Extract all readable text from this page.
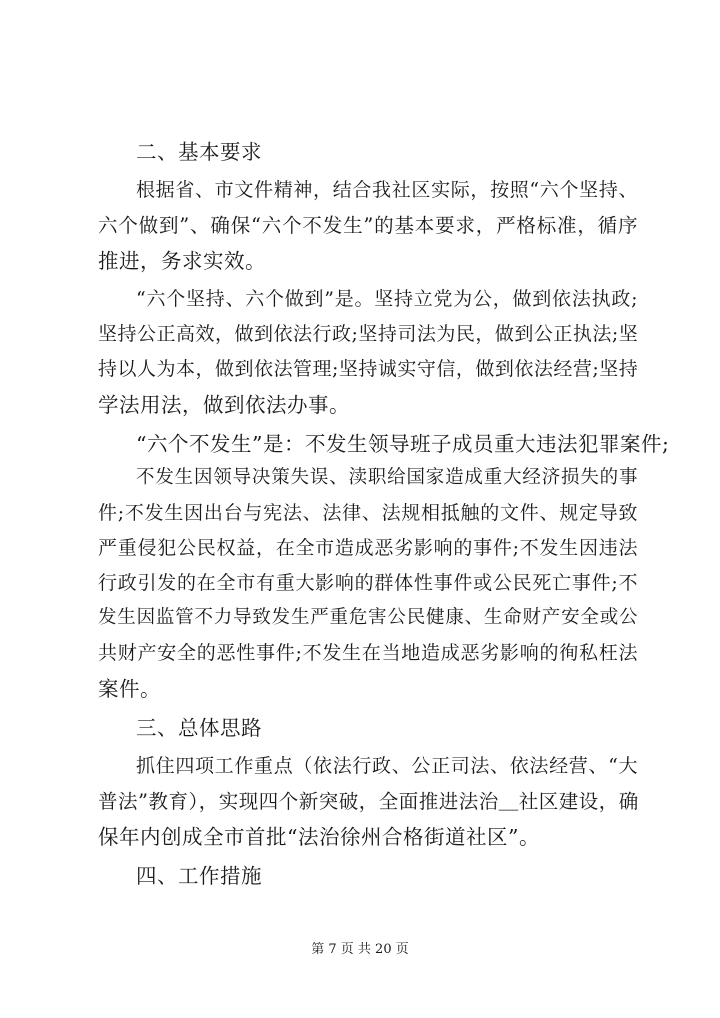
二、基本要求
根据省、市文件精神，结合我社区实际，按照“六个坚持、
六个做到”、确保“六个不发生”的基本要求，严格标准，循序
推进，务求实效。
“六个坚持、六个做到”是。坚持立党为公，做到依法执政;
坚持公正高效，做到依法行政;坚持司法为民，做到公正执法;坚
持以人为本，做到依法管理;坚持诚实守信，做到依法经营;坚持
学法用法，做到依法办事。
“六个不发生”是：不发生领导班子成员重大违法犯罪案件;
不发生因领导决策失误、渎职给国家造成重大经济损失的事
件;不发生因出台与宪法、法律、法规相抵触的文件、规定导致
严重侵犯公民权益，在全市造成恶劣影响的事件;不发生因违法
行政引发的在全市有重大影响的群体性事件或公民死亡事件;不
发生因监管不力导致发生严重危害公民健康、生命财产安全或公
共财产安全的恶性事件;不发生在当地造成恶劣影响的徇私枉法
案件。
三、总体思路
抓住四项工作重点（依法行政、公正司法、依法经营、“大
普法”教育），实现四个新突破，全面推进法治＿社区建设，确
保年内创成全市首批“法治徐州合格街道社区”。
四、工作措施
第 7 页 共 20 页
